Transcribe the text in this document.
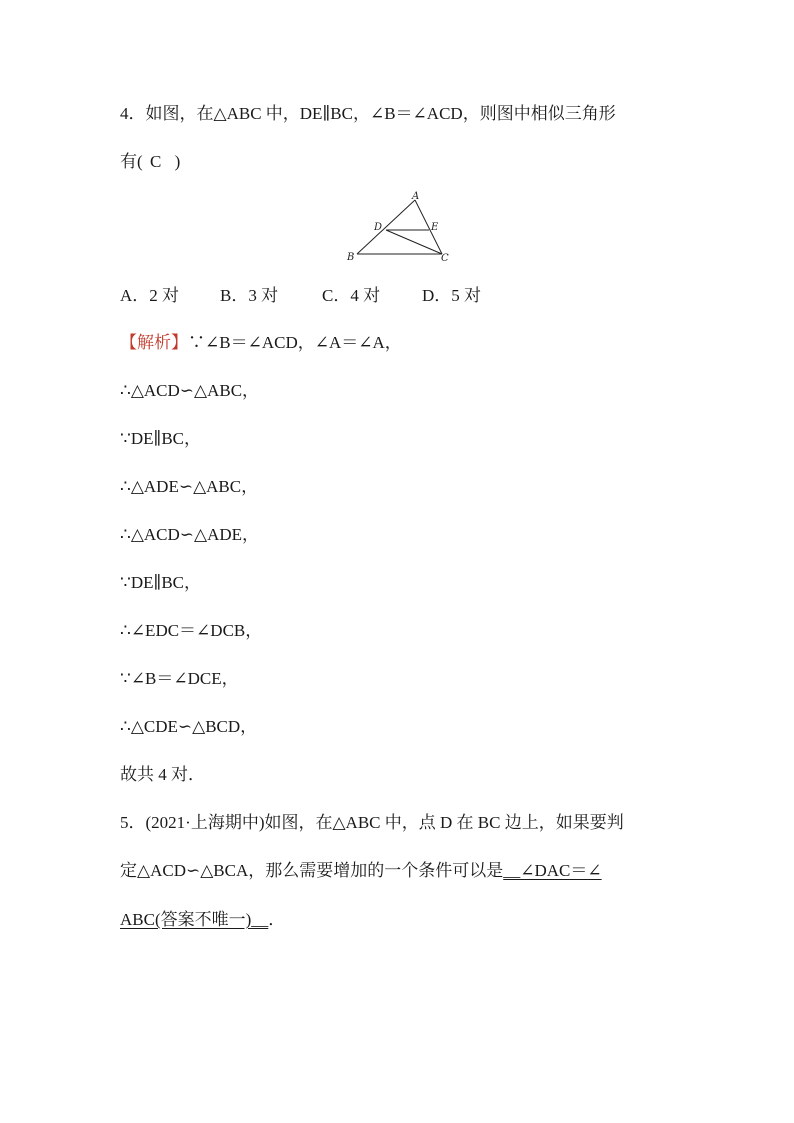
4．如图，在△ABC 中，DE∥BC，∠B＝∠ACD，则图中相似三角形
有( C )
A
D	E
B	C
A．2 对 B．3 对	C．4 对 D．5 对
【解析】∵∠B＝∠ACD，∠A＝∠A，
∴△ACD∽△ABC，
∵DE∥BC，
∴△ADE∽△ABC，
∴△ACD∽△ADE，
∵DE∥BC，
∴∠EDC＝∠DCB，
∵∠B＝∠DCE，
∴△CDE∽△BCD，
故共 4 对．
5．(2021·上海期中)如图，在△ABC 中，点 D 在 BC 边上，如果要判
定△ACD∽△BCA，那么需要增加的一个条件可以是__∠DAC＝∠
ABC(答案不唯一)__．
